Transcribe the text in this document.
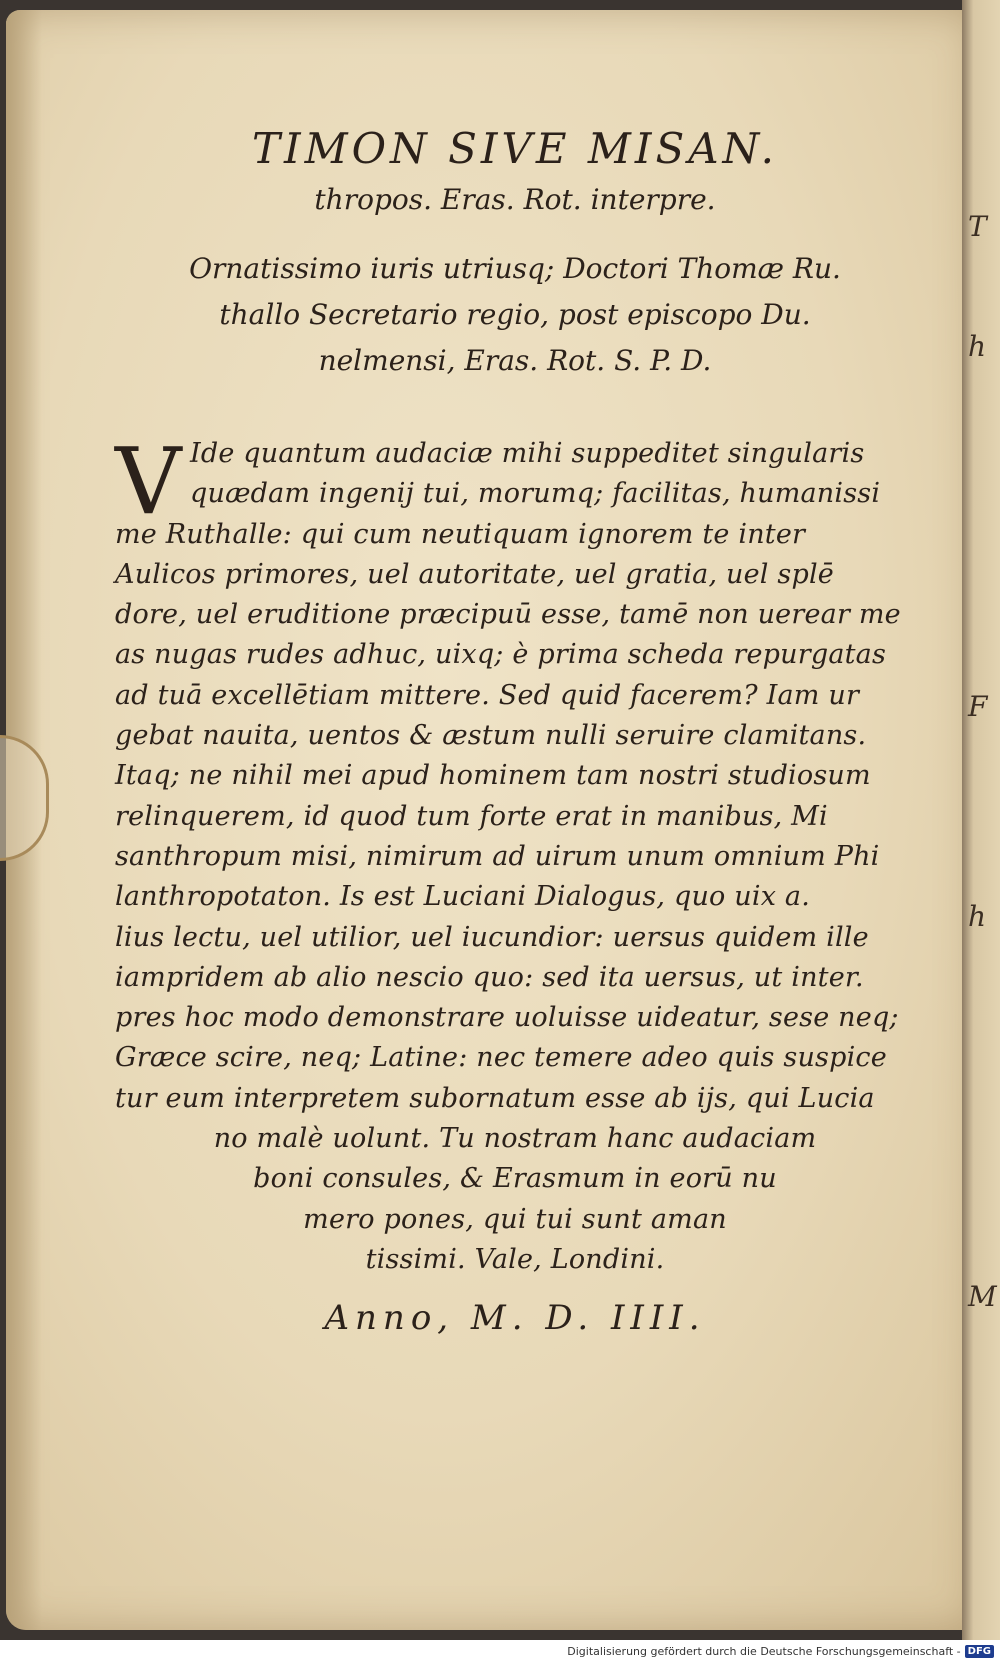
T
h
F
h
M

TIMON SIVE MISAN.

thropos. Eras. Rot. interpre.

Ornatissimo iuris utriusq; Doctori Thomæ Ru.

thallo Secretario regio, post episcopo Du.

nelmensi, Eras. Rot. S. P. D.

V Ide quantum audaciæ mihi suppeditet singularis

quædam ingenij tui, morumq; facilitas, humanissi

me Ruthalle: qui cum neutiquam ignorem te inter

Aulicos primores, uel autoritate, uel gratia, uel splē

dore, uel eruditione præcipuū esse, tamē non uerear me

as nugas rudes adhuc, uixq; è prima scheda repurgatas

ad tuā excellētiam mittere. Sed quid facerem? Iam ur

gebat nauita, uentos & æstum nulli seruire clamitans.

Itaq; ne nihil mei apud hominem tam nostri studiosum

relinquerem, id quod tum forte erat in manibus, Mi

santhropum misi, nimirum ad uirum unum omnium Phi

lanthropotaton. Is est Luciani Dialogus, quo uix a.

lius lectu, uel utilior, uel iucundior: uersus quidem ille

iampridem ab alio nescio quo: sed ita uersus, ut inter.

pres hoc modo demonstrare uoluisse uideatur, sese neq;

Græce scire, neq; Latine: nec temere adeo quis suspice

tur eum interpretem subornatum esse ab ijs, qui Lucia

no malè uolunt. Tu nostram hanc audaciam

boni consules, & Erasmum in eorū nu

mero pones, qui tui sunt aman

tissimi. Vale, Londini.

Anno, M. D. IIII.

Digitalisierung gefördert durch die Deutsche Forschungsgemeinschaft - DFG
